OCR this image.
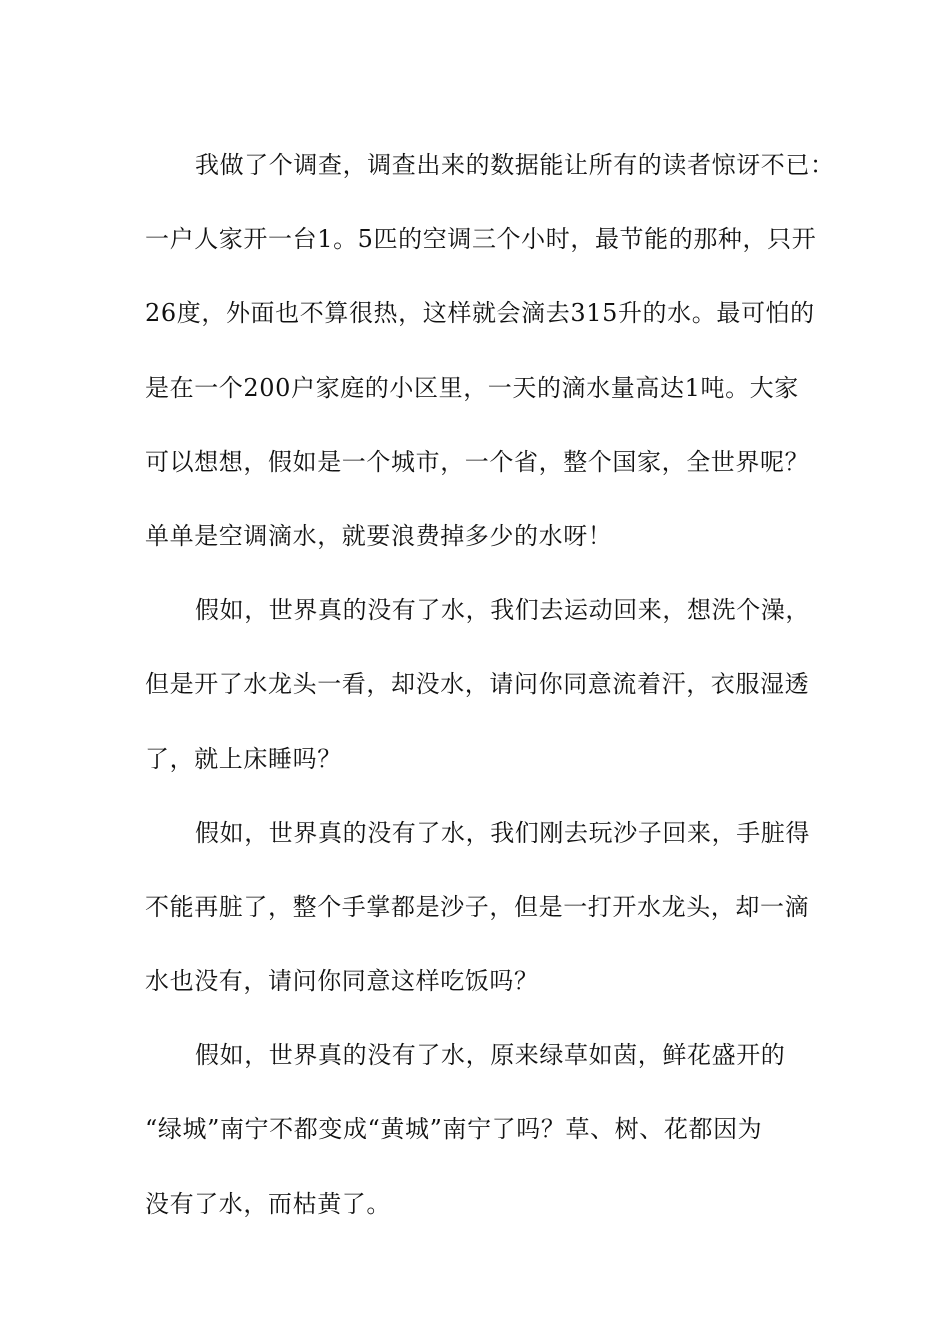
我做了个调查，调查出来的数据能让所有的读者惊讶不已：
一户人家开一台1。5匹的空调三个小时，最节能的那种，只开
26度，外面也不算很热，这样就会滴去315升的水。最可怕的
是在一个200户家庭的小区里，一天的滴水量高达1吨。大家
可以想想，假如是一个城市，一个省，整个国家，全世界呢？
单单是空调滴水，就要浪费掉多少的水呀！
假如，世界真的没有了水，我们去运动回来，想洗个澡，
但是开了水龙头一看，却没水，请问你同意流着汗，衣服湿透
了，就上床睡吗？
假如，世界真的没有了水，我们刚去玩沙子回来，手脏得
不能再脏了，整个手掌都是沙子，但是一打开水龙头，却一滴
水也没有，请问你同意这样吃饭吗？
假如，世界真的没有了水，原来绿草如茵，鲜花盛开的
“绿城”南宁不都变成“黄城”南宁了吗？草、树、花都因为
没有了水，而枯黄了。
